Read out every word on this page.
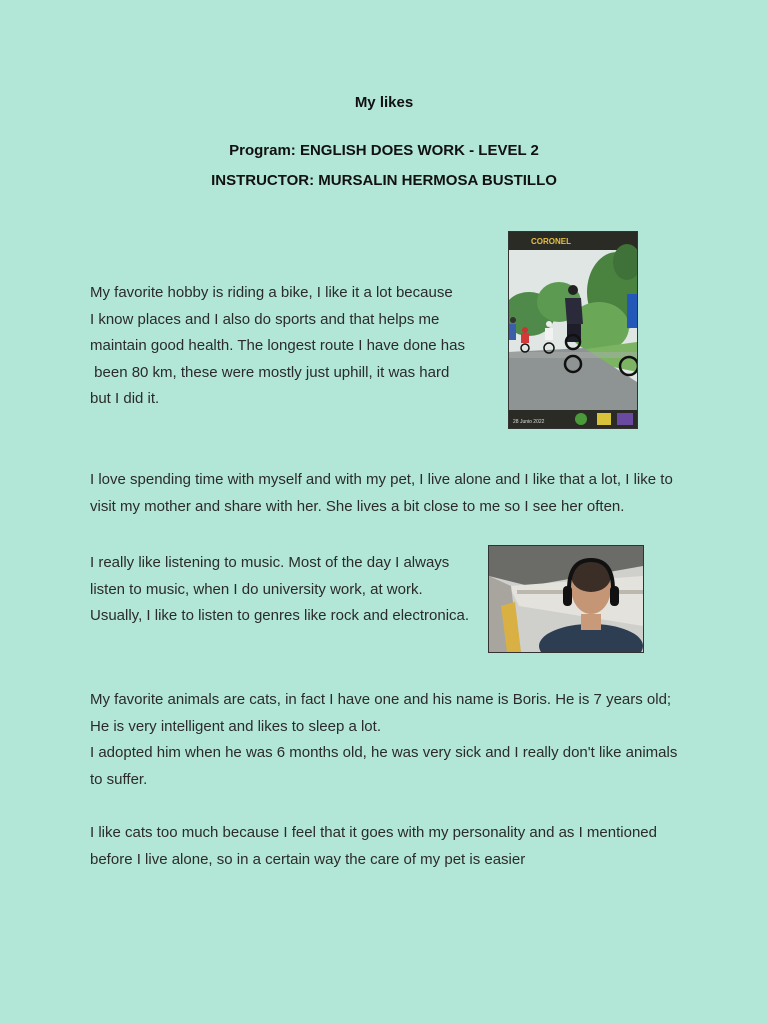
My likes
Program: ENGLISH DOES WORK - LEVEL 2
INSTRUCTOR: MURSALIN HERMOSA BUSTILLO
CORONEL
28 Junio 2022
My favorite hobby is riding a bike, I like it a lot because
I know places and I also do sports and that helps me
maintain good health. The longest route I have done has
been 80 km, these were mostly just uphill, it was hard
but I did it.
I love spending time with myself and with my pet, I live alone and I like that a lot, I like to
visit my mother and share with her. She lives a bit close to me so I see her often.
I really like listening to music. Most of the day I always
listen to music, when I do university work, at work.
Usually, I like to listen to genres like rock and electronica.
My favorite animals are cats, in fact I have one and his name is Boris. He is 7 years old;
He is very intelligent and likes to sleep a lot.
I adopted him when he was 6 months old, he was very sick and I really don't like animals
to suffer.
I like cats too much because I feel that it goes with my personality and as I mentioned
before I live alone, so in a certain way the care of my pet is easier
